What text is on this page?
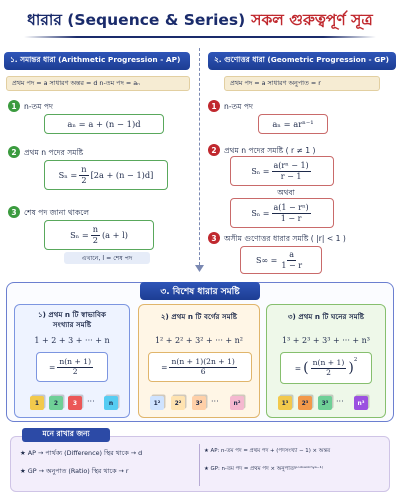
ধারার (Sequence & Series) সকল গুরুত্বপূর্ণ সূত্র
১. সমান্তর ধারা (Arithmetic Progression - AP)
প্রথম পদ = a সাধারণ অন্তর = d n-তম পদ = aₙ
1 n-তম পদ
aₙ = a + (n − 1)d
2 প্রথম n পদের সমষ্টি
$S_n = \frac{n}{2} [2a + (n - 1)d]$
3 শেষ পদ জানা থাকলে
$S_n = \frac{n}{2} (a + l)$
এখানে, l = শেষ পদ
২. গুণোত্তর ধারা (Geometric Progression - GP)
প্রথম পদ = a সাধারণ অনুপাত = r
1 n-তম পদ
aₙ = arⁿ⁻¹
2 প্রথম n পদের সমষ্টি ( r ≠ 1 )
$S_n = \frac{\text{a(rⁿ − 1)}}{r - 1}$
অথবা
$S_n = \frac{\text{a(1 − rⁿ)}}{1 - r}$
3 অসীম গুণোত্তর ধারার সমষ্টি ( |r| < 1 )
$S\infty = \frac{a}{1 - r}$
৩. বিশেষ ধারার সমষ্টি
১) প্রথম n টি স্বাভাবিক
সংখ্যার সমষ্টি
1 + 2 + 3 + ··· + n
= $\frac{n(n + 1)}{2}$
1	2	3	···	n
২) প্রথম n টি বর্গের সমষ্টি
1² + 2² + 3² + ··· + n²
= $\frac{n(n + 1)(2n + 1)}{6}$
1²	2²	3²	···	n²
৩) প্রথম n টি ঘনের সমষ্টি
1³ + 2³ + 3³ + ··· + n³
= ( $\frac{n(n + 1)}{2} )^2$
1³	2³	3³ ···	n³
মনে রাখার জন্য
★ AP → পার্থক্য (Difference) স্থির থাকে → d
★ GP → অনুপাত (Ratio) স্থির থাকে → r
★ AP: n-তম পদ = প্রথম পদ + (পদসংখ্যা − 1) × অন্তর
★ GP: n-তম পদ = প্রথম পদ × অনুপাত⁽ᵖᵒᵈˢᵃⁿᵏʰʸᵃ⁻¹⁾
